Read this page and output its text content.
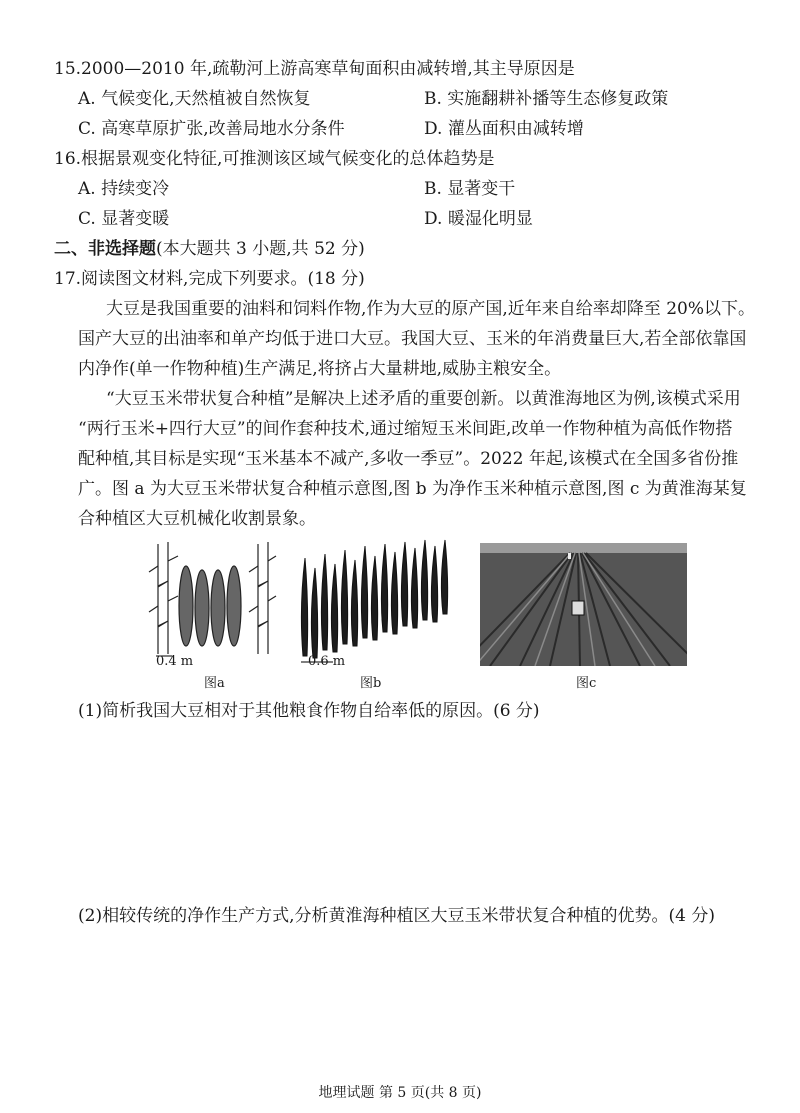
15.2000—2010 年,疏勒河上游高寒草甸面积由减转增,其主导原因是
A. 气候变化,天然植被自然恢复	B. 实施翻耕补播等生态修复政策
C. 高寒草原扩张,改善局地水分条件	D. 灌丛面积由减转增
16.根据景观变化特征,可推测该区域气候变化的总体趋势是
A. 持续变冷	B. 显著变干
C. 显著变暖	D. 暖湿化明显
二、非选择题(本大题共 3 小题,共 52 分)
17.阅读图文材料,完成下列要求。(18 分)
大豆是我国重要的油料和饲料作物,作为大豆的原产国,近年来自给率却降至 20%以下。
国产大豆的出油率和单产均低于进口大豆。我国大豆、玉米的年消费量巨大,若全部依靠国
内净作(单一作物种植)生产满足,将挤占大量耕地,威胁主粮安全。
“大豆玉米带状复合种植”是解决上述矛盾的重要创新。以黄淮海地区为例,该模式采用
“两行玉米+四行大豆”的间作套种技术,通过缩短玉米间距,改单一作物种植为高低作物搭
配种植,其目标是实现“玉米基本不减产,多收一季豆”。2022 年起,该模式在全国多省份推
广。图 a 为大豆玉米带状复合种植示意图,图 b 为净作玉米种植示意图,图 c 为黄淮海某复
合种植区大豆机械化收割景象。
0.4 m
图a
0.6 m
图b	图c
(1)简析我国大豆相对于其他粮食作物自给率低的原因。(6 分)
(2)相较传统的净作生产方式,分析黄淮海种植区大豆玉米带状复合种植的优势。(4 分)
地理试题 第 5 页(共 8 页)
